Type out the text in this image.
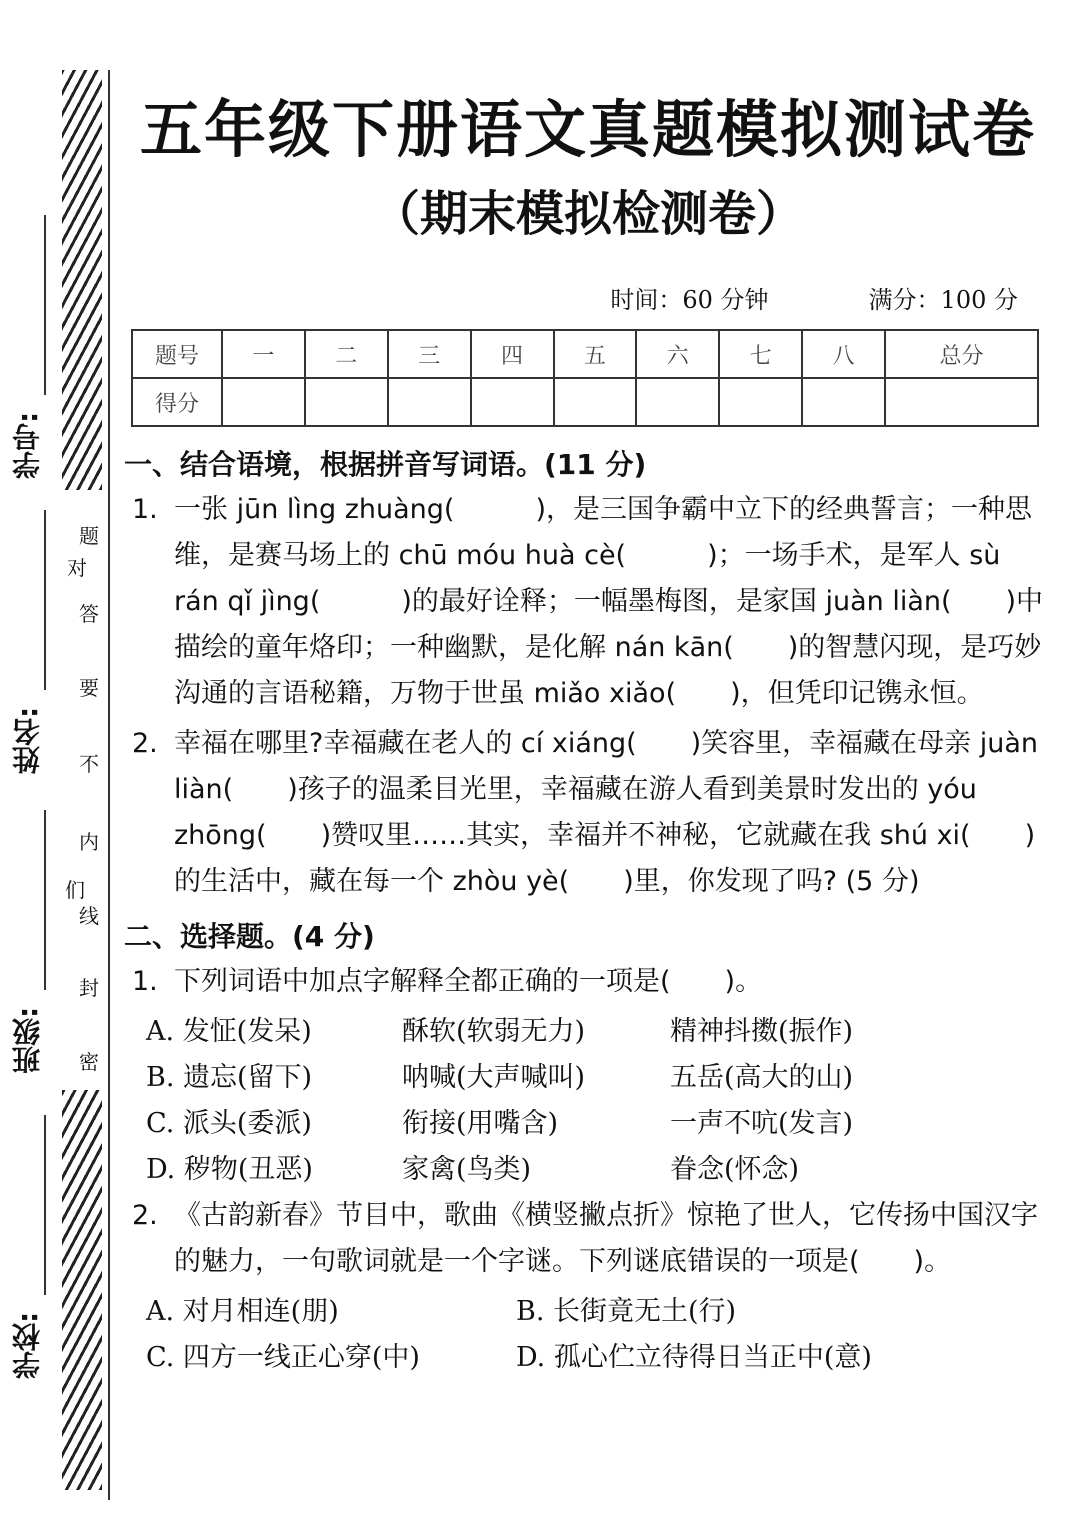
学号:
姓名:
班级:
学校:
题
对
答
要
不
内
们
线
封
密
五年级下册语文真题模拟测试卷
（期末模拟检测卷）
时间：60 分钟	满分：100 分
题号	一	二	三	四	五	六	七	八	总分
得分									
一、结合语境，根据拼音写词语。(11 分)
1. 一张 jūn lìng zhuàng(　　　)，是三国争霸中立下的经典誓言；一种思维，是赛马场上的 chū móu huà cè(　　　)；一场手术，是军人 sù rán qǐ jìng(　　　)的最好诠释；一幅墨梅图，是家国 juàn liàn(　　)中描绘的童年烙印；一种幽默，是化解 nán kān(　　)的智慧闪现，是巧妙沟通的言语秘籍，万物于世虽 miǎo xiǎo(　　)，但凭印记镌永恒。
2. 幸福在哪里?幸福藏在老人的 cí xiáng(　　)笑容里，幸福藏在母亲 juàn liàn(　　)孩子的温柔目光里，幸福藏在游人看到美景时发出的 yóu zhōng(　　)赞叹里……其实，幸福并不神秘，它就藏在我 shú xi(　　)的生活中，藏在每一个 zhòu yè(　　)里，你发现了吗? (5 分)
二、选择题。(4 分)
1. 下列词语中加点字解释全都正确的一项是(　　)。
A. 发怔(发呆)	酥软(软弱无力)	精神抖擞(振作)
B. 遗忘(留下)	呐喊(大声喊叫)	五岳(高大的山)
C. 派头(委派)	衔接(用嘴含)	一声不吭(发言)
D. 秽物(丑恶)	家禽(鸟类)	眷念(怀念)
2. 《古韵新春》节目中，歌曲《横竖撇点折》惊艳了世人，它传扬中国汉字的魅力，一句歌词就是一个字谜。下列谜底错误的一项是(　　)。
A. 对月相连(朋)	B. 长街竟无土(行)
C. 四方一线正心穿(中)	D. 孤心伫立待得日当正中(意)
